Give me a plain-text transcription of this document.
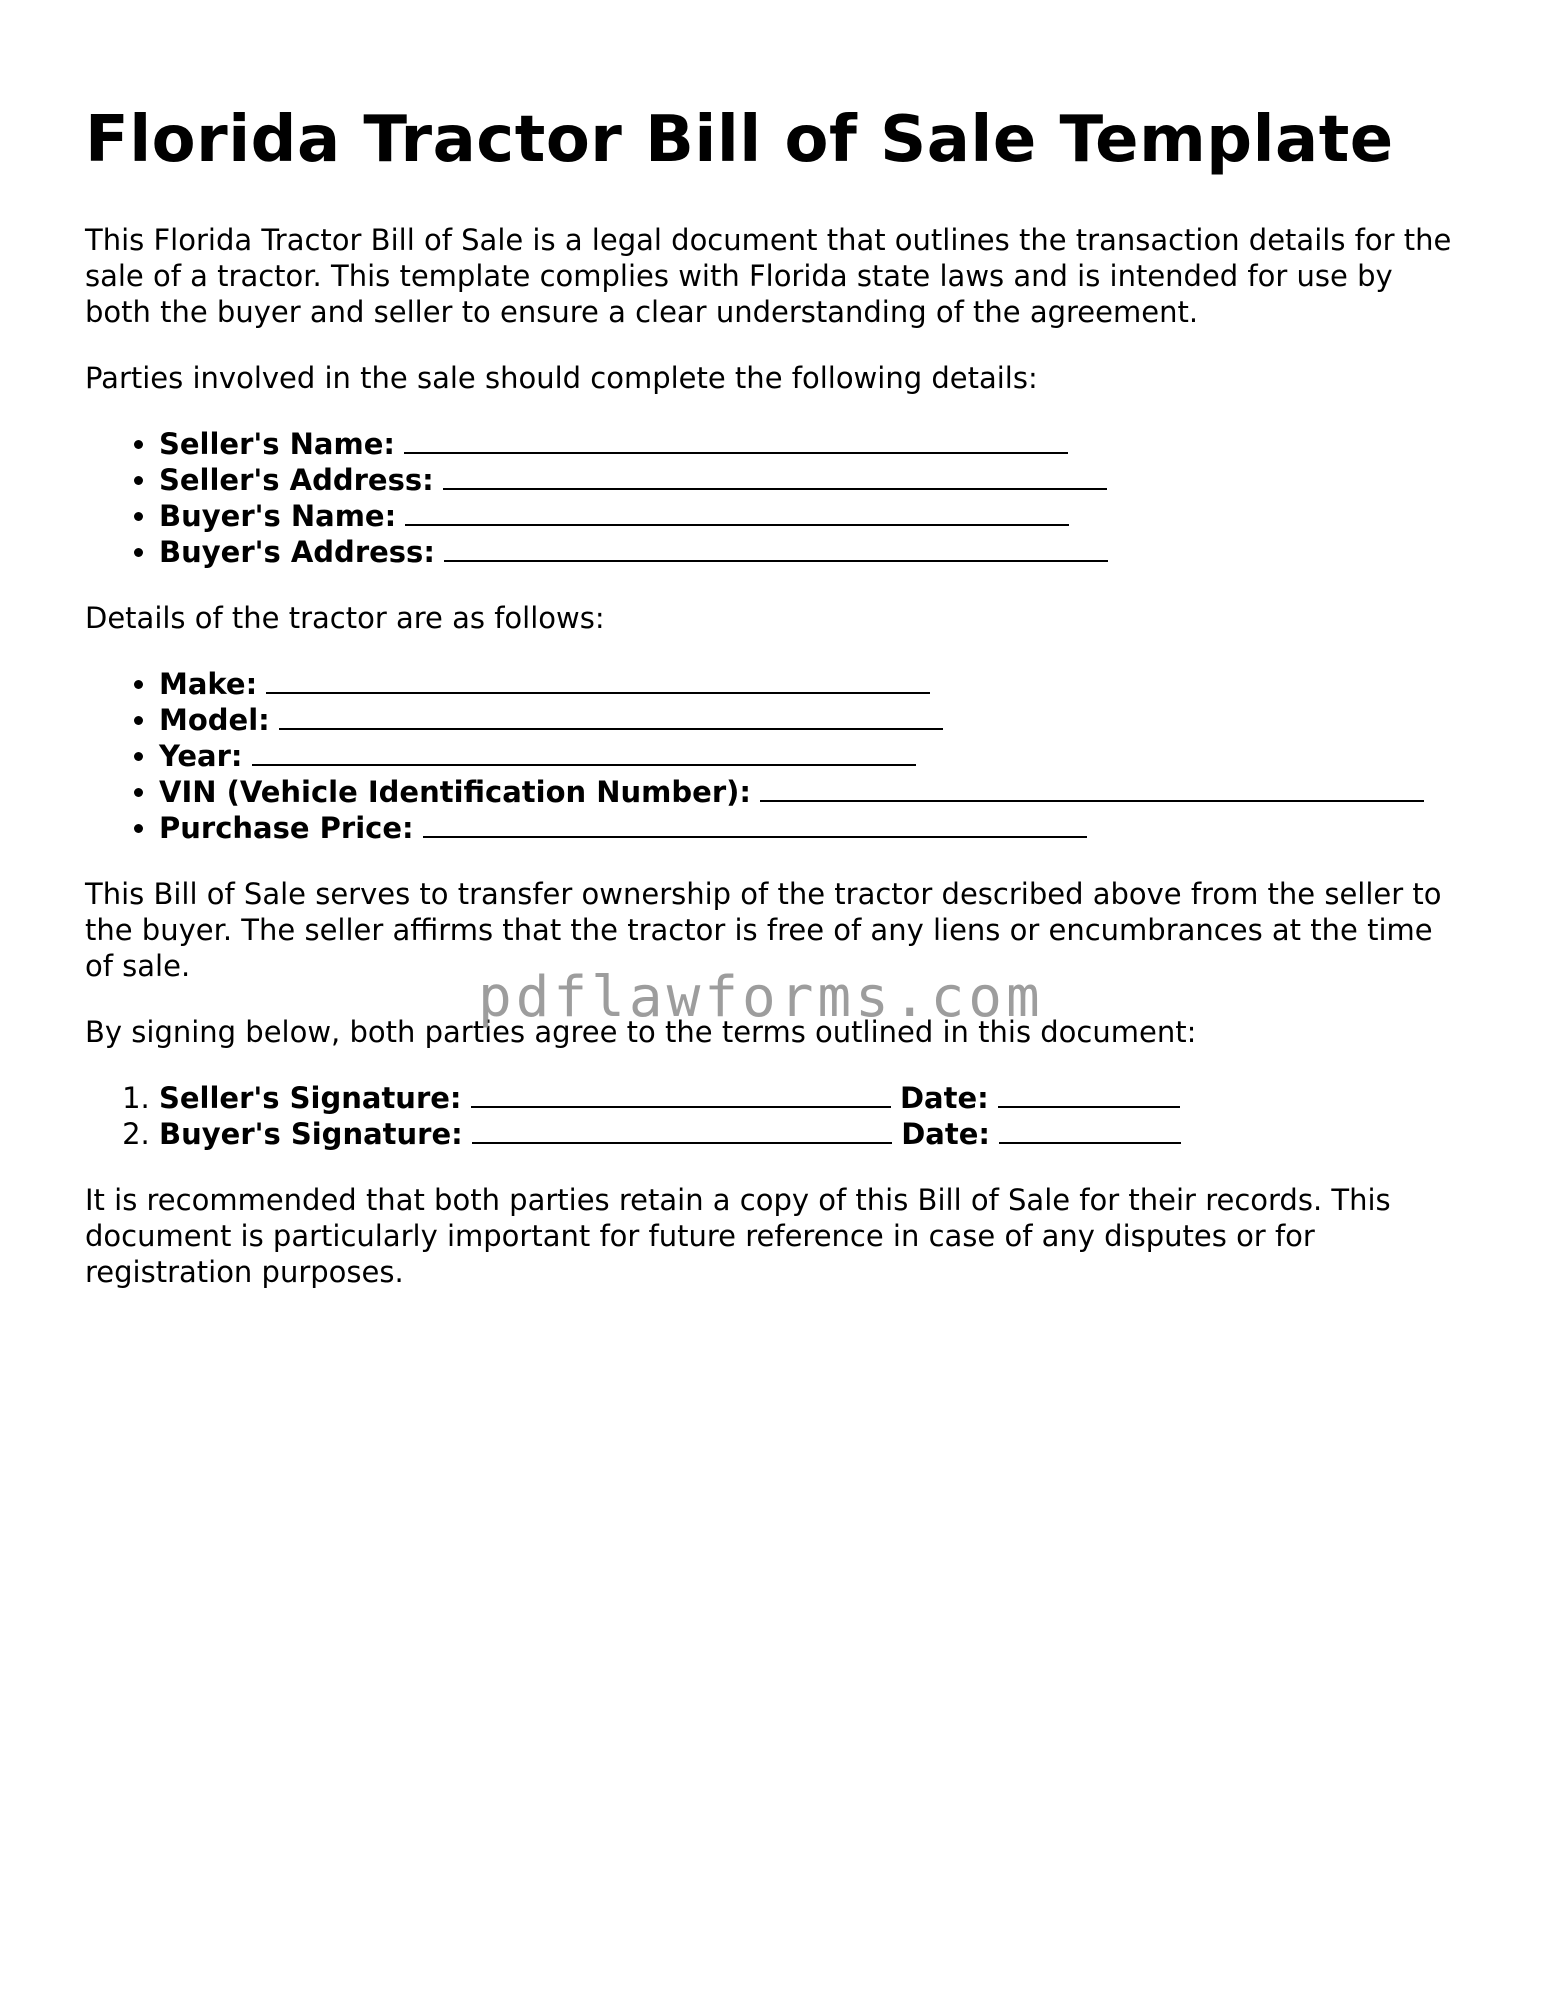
Florida Tractor Bill of Sale Template

This Florida Tractor Bill of Sale is a legal document that outlines the transaction details for the sale of a tractor. This template complies with Florida state laws and is intended for use by both the buyer and seller to ensure a clear understanding of the agreement.

Parties involved in the sale should complete the following details:

• Seller's Name:
• Seller's Address:
• Buyer's Name:
• Buyer's Address:

Details of the tractor are as follows:

• Make:
• Model:
• Year:
• VIN (Vehicle Identification Number):
• Purchase Price:

This Bill of Sale serves to transfer ownership of the tractor described above from the seller to the buyer. The seller affirms that the tractor is free of any liens or encumbrances at the time of sale.

By signing below, both parties agree to the terms outlined in this document:

1. Seller's Signature:	Date:
2. Buyer's Signature:	Date:

It is recommended that both parties retain a copy of this Bill of Sale for their records. This document is particularly important for future reference in case of any disputes or for registration purposes.

pdflawforms.com
